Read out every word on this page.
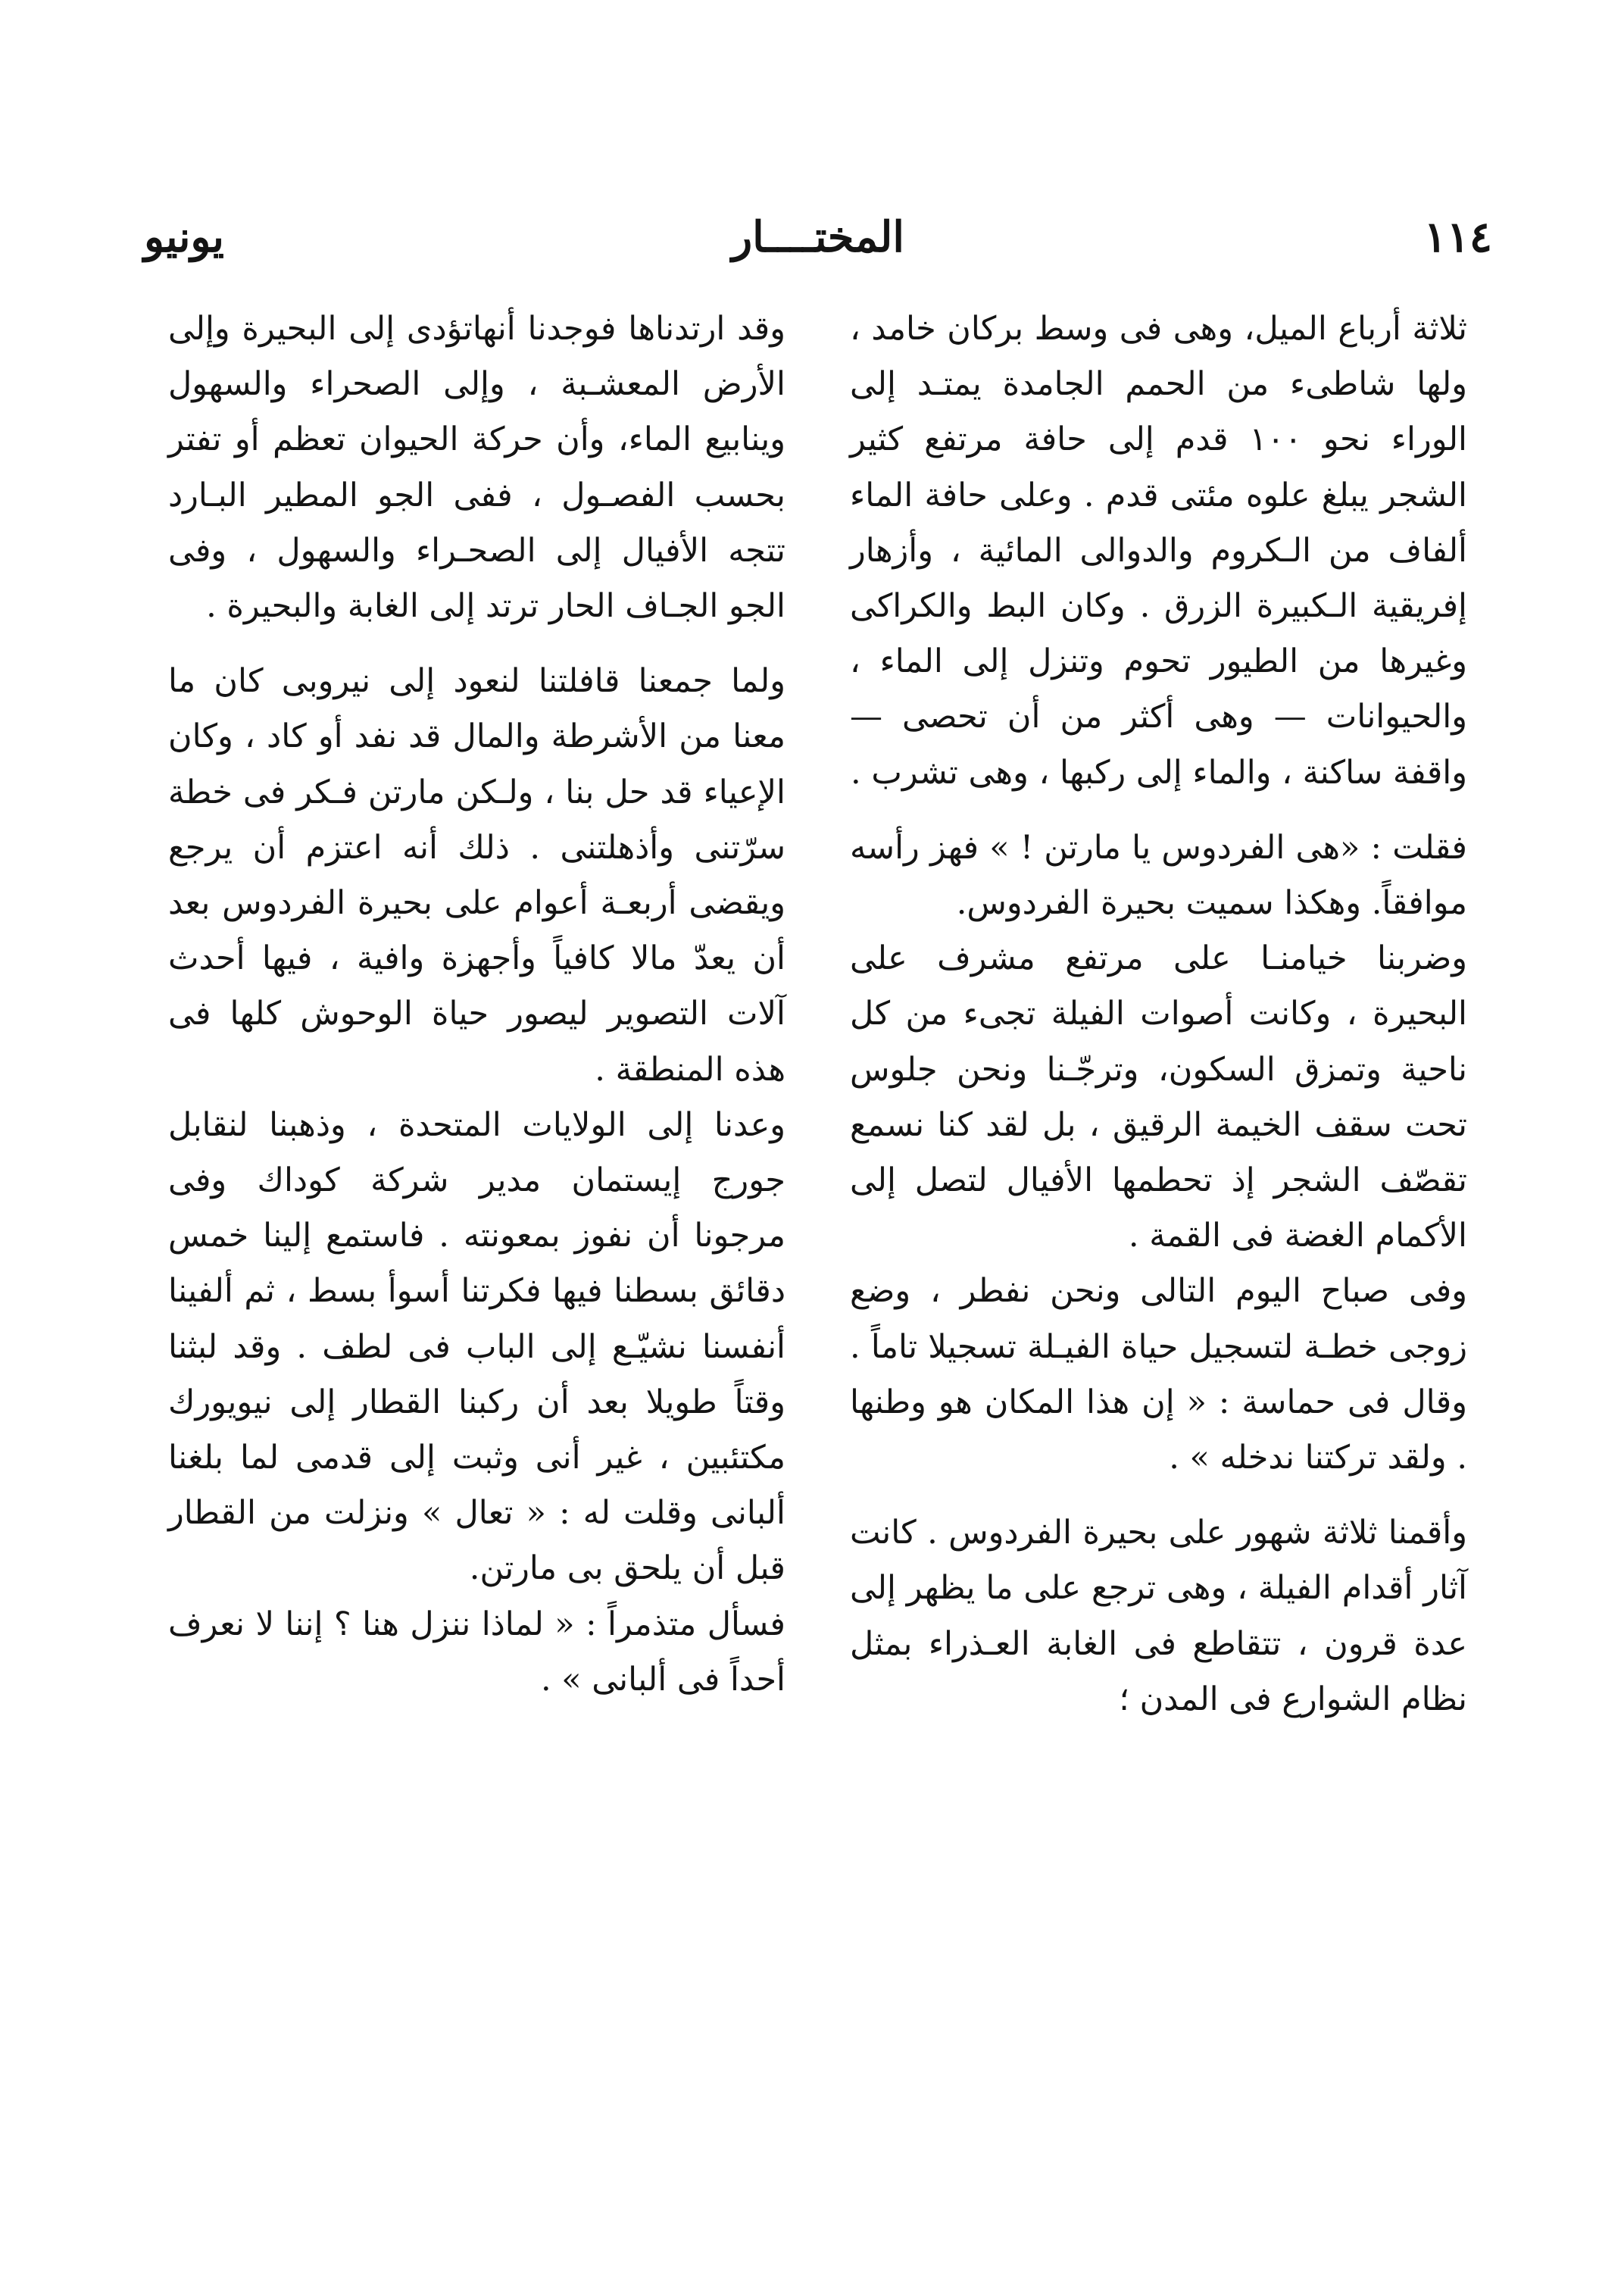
١١٤
المختــــار
يونيو

ثلاثة أرباع الميل، وهى فى وسط بركان خامد ، ولها شاطىء من الحمم الجامدة يمتـد إلى الوراء نحو ١٠٠ قدم إلى حافة مرتفع كثير الشجر يبلغ علوه مئتى قدم . وعلى حافة الماء ألفاف من الـكروم والدوالى المائية ، وأزهار إفريقية الـكبيرة الزرق . وكان البط والكراكى وغيرها من الطيور تحوم وتنزل إلى الماء ، والحيوانات — وهى أكثر من أن تحصى — واقفة ساكنة ، والماء إلى ركبها ، وهى تشرب .

فقلت : «هى الفردوس يا مارتن ! » فهز رأسه موافقاً. وهكذا سميت بحيرة الفردوس.

وضربنا خيامنـا على مرتفع مشرف على البحيرة ، وكانت أصوات الفيلة تجىء من كل ناحية وتمزق السكون، وترجّـنا ونحن جلوس تحت سقف الخيمة الرقيق ، بل لقد كنا نسمع تقصّف الشجر إذ تحطمها الأفيال لتصل إلى الأكمام الغضة فى القمة .

وفى صباح اليوم التالى ونحن نفطر ، وضع زوجى خطـة لتسجيل حياة الفيـلة تسجيلا تاماً . وقال فى حماسة : « إن هذا المكان هو وطنها . ولقد تركتنا ندخله » .

وأقمنا ثلاثة شهور على بحيرة الفردوس . كانت آثار أقدام الفيلة ، وهى ترجع على ما يظهر إلى عدة قرون ، تتقاطع فى الغابة العـذراء بمثل نظام الشوارع فى المدن ؛

وقد ارتدناها فوجدنا أنهاتؤدى إلى البحيرة وإلى الأرض المعشـبة ، وإلى الصحراء والسهول وينابيع الماء، وأن حركة الحيوان تعظم أو تفتر بحسب الفصـول ، ففى الجو المطير البـارد تتجه الأفيال إلى الصحـراء والسهول ، وفى الجو الجـاف الحار ترتد إلى الغابة والبحيرة .

ولما جمعنا قافلتنا لنعود إلى نيروبى كان ما معنا من الأشرطة والمال قد نفد أو كاد ، وكان الإعياء قد حل بنا ، ولـكن مارتن فـكر فى خطة سرّتنى وأذهلتنى . ذلك أنه اعتزم أن يرجع ويقضى أربعـة أعوام على بحيرة الفردوس بعد أن يعدّ مالا كافياً وأجهزة وافية ، فيها أحدث آلات التصوير ليصور حياة الوحوش كلها فى هذه المنطقة .

وعدنا إلى الولايات المتحدة ، وذهبنا لنقابل جورج إيستمان مدير شركة كوداك وفى مرجونا أن نفوز بمعونته . فاستمع إلينا خمس دقائق بسطنا فيها فكرتنا أسوأ بسط ، ثم ألفينا أنفسنا نشيّـع إلى الباب فى لطف . وقد لبثنا وقتاً طويلا بعد أن ركبنا القطار إلى نيويورك مكتئبين ، غير أنى وثبت إلى قدمى لما بلغنا ألبانى وقلت له : « تعال » ونزلت من القطار قبل أن يلحق بى مارتن.

فسأل متذمراً : « لماذا ننزل هنا ؟ إننا لا نعرف أحداً فى ألبانى » .
